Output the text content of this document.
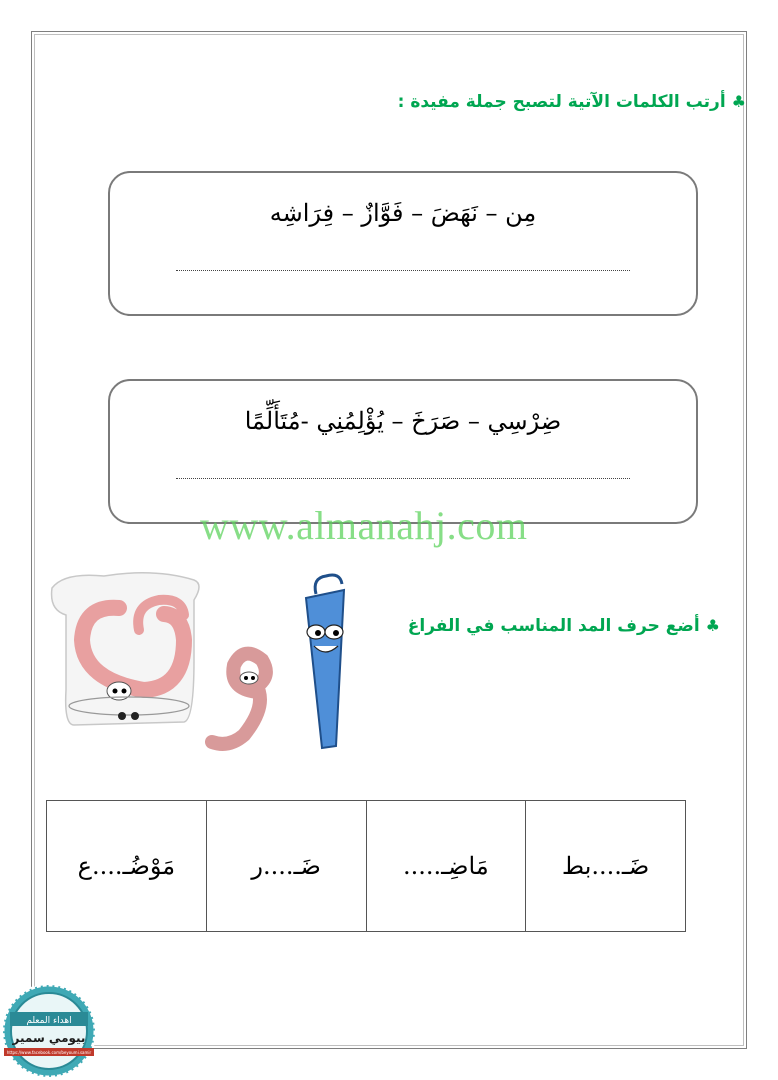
♣أرتب الكلمات الآتية لتصبح جملة مفيدة :
مِن – نَهَضَ – فَوَّازٌ – فِرَاشِه
ضِرْسِي – صَرَخَ – يُؤْلِمُنِي -مُتَأَلِّمًا
www.almanahj.com
♣أضع حرف المد المناسب في الفراغ
ضَـ....بط	مَاضِـ.....	ضَـ....ر	مَوْضُـ....ع
اهداء المعلم
بيومي سمير
https://www.facebook.com/beyoumi.samir
